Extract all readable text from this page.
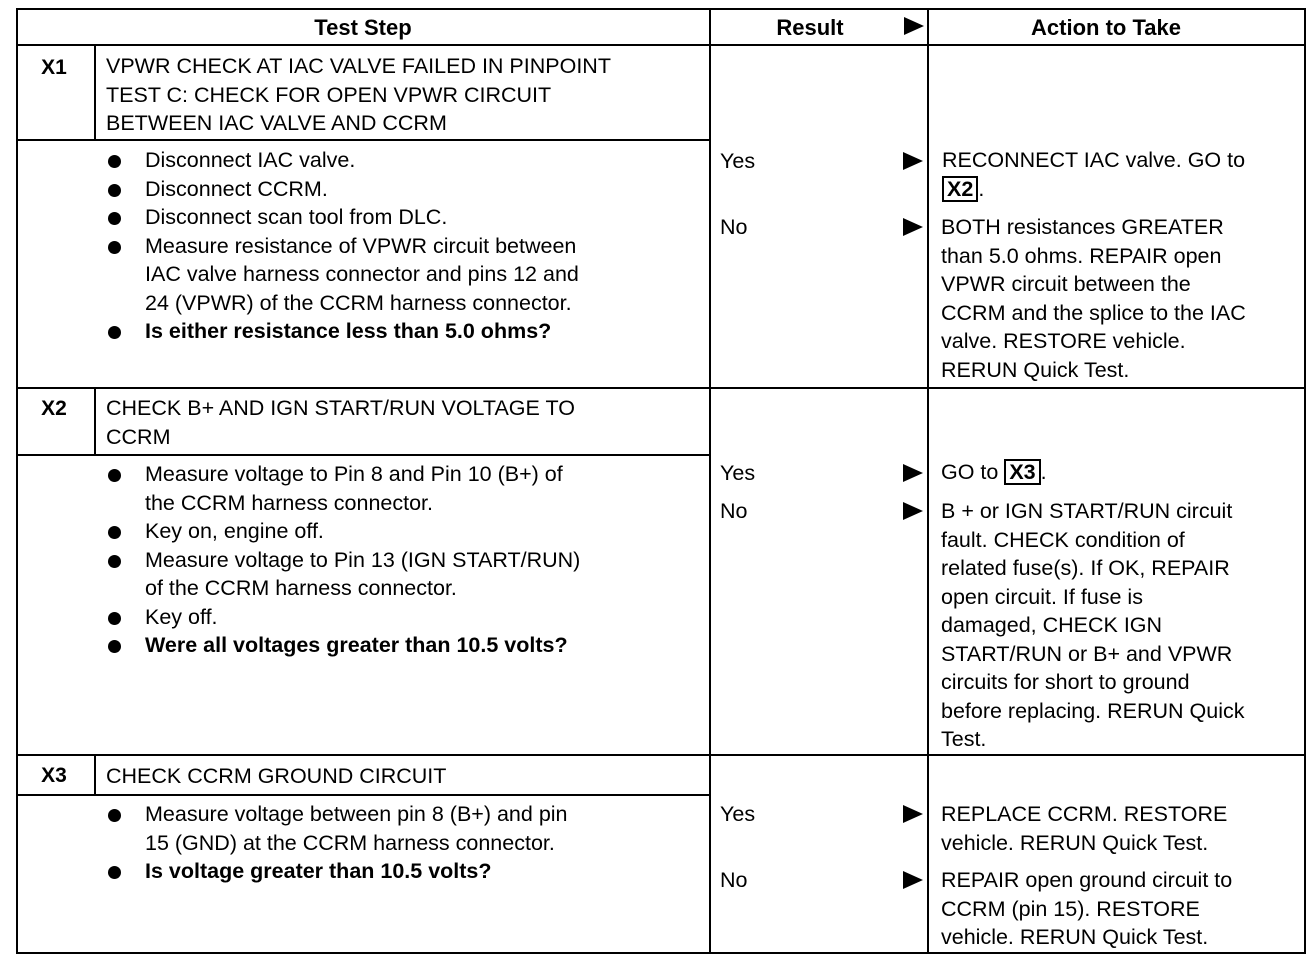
Test Step	Result	Action to Take
X1	VPWR CHECK AT IAC VALVE FAILED IN PINPOINT
TEST C: CHECK FOR OPEN VPWR CIRCUIT
BETWEEN IAC VALVE AND CCRM
Disconnect IAC valve.
Disconnect CCRM.
Disconnect scan tool from DLC.
Measure resistance of VPWR circuit between
IAC valve harness connector and pins 12 and
24 (VPWR) of the CCRM harness connector.
Is either resistance less than 5.0 ohms?
Yes	RECONNECT IAC valve. GO to
X2 .
No	BOTH resistances GREATER
than 5.0 ohms. REPAIR open
VPWR circuit between the
CCRM and the splice to the IAC
valve. RESTORE vehicle.
RERUN Quick Test.
X2	CHECK B+ AND IGN START/RUN VOLTAGE TO
CCRM
Measure voltage to Pin 8 and Pin 10 (B+) of
the CCRM harness connector.
Key on, engine off.
Measure voltage to Pin 13 (IGN START/RUN)
of the CCRM harness connector.
Key off.
Were all voltages greater than 10.5 volts?
Yes	GO to X3 .
No	B + or IGN START/RUN circuit
fault. CHECK condition of
related fuse(s). If OK, REPAIR
open circuit. If fuse is
damaged, CHECK IGN
START/RUN or B+ and VPWR
circuits for short to ground
before replacing. RERUN Quick
Test.
X3	CHECK CCRM GROUND CIRCUIT
Measure voltage between pin 8 (B+) and pin
15 (GND) at the CCRM harness connector.
Is voltage greater than 10.5 volts?
Yes	REPLACE CCRM. RESTORE
vehicle. RERUN Quick Test.
No	REPAIR open ground circuit to
CCRM (pin 15). RESTORE
vehicle. RERUN Quick Test.
